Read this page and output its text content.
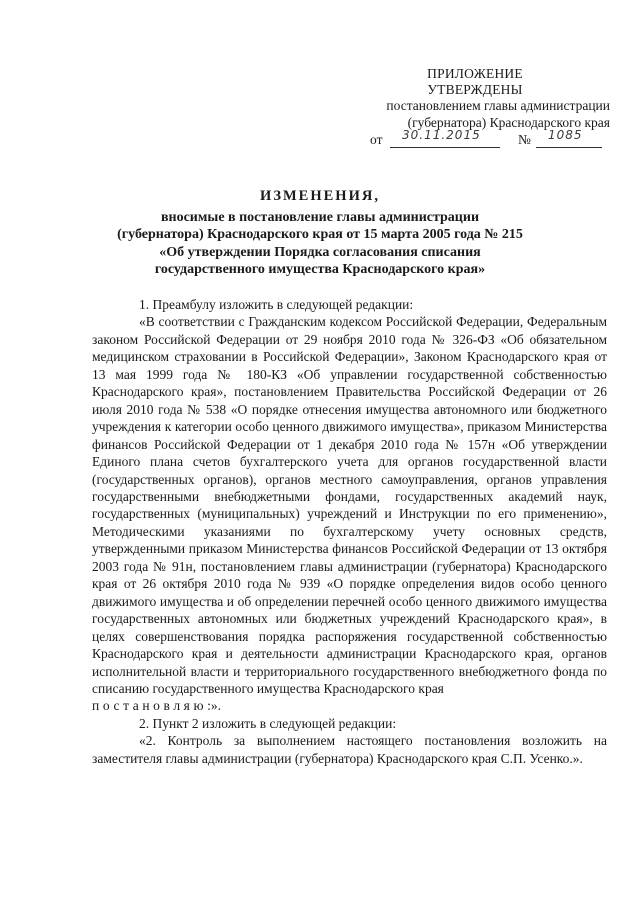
ПРИЛОЖЕНИЕ
УТВЕРЖДЕНЫ
постановлением главы администрации
(губернатора) Краснодарского края
от 30.11.2015	№ 1085
ИЗМЕНЕНИЯ,
вносимые в постановление главы администрации
(губернатора) Краснодарского края от 15 марта 2005 года № 215
«Об утверждении Порядка согласования списания
государственного имущества Краснодарского края»

1. Преамбулу изложить в следующей редакции:

«В соответствии с Гражданским кодексом Российской Федерации, Федеральным законом Российской Федерации от 29 ноября 2010 года № 326-ФЗ «Об обязательном медицинском страховании в Российской Федерации», Законом Краснодарского края от 13 мая 1999 года № 180-КЗ «Об управлении государственной собственностью Краснодарского края», постановлением Правительства Российской Федерации от 26 июля 2010 года № 538 «О порядке отнесения имущества автономного или бюджетного учреждения к категории особо ценного движимого имущества», приказом Министерства финансов Российской Федерации от 1 декабря 2010 года № 157н «Об утверждении Единого плана счетов бухгалтерского учета для органов государственной власти (государственных органов), органов местного самоуправления, органов управления государственными внебюджетными фондами, государственных академий наук, государственных (муниципальных) учреждений и Инструкции по его применению», Методическими указаниями по бухгалтерскому учету основных средств, утвержденными приказом Министерства финансов Российской Федерации от 13 октября 2003 года № 91н, постановлением главы администрации (губернатора) Краснодарского края от 26 октября 2010 года № 939 «О порядке определения видов особо ценного движимого имущества и об определении перечней особо ценного движимого имущества государственных автономных или бюджетных учреждений Краснодарского края», в целях совершенствования порядка распоряжения государственной собственностью Краснодарского края и деятельности администрации Краснодарского края, органов исполнительной власти и территориального государственного внебюджетного фонда по списанию государственного имущества Краснодарского края
постановляю:».

2. Пункт 2 изложить в следующей редакции:

«2. Контроль за выполнением настоящего постановления возложить на заместителя главы администрации (губернатора) Краснодарского края С.П. Усенко.».
